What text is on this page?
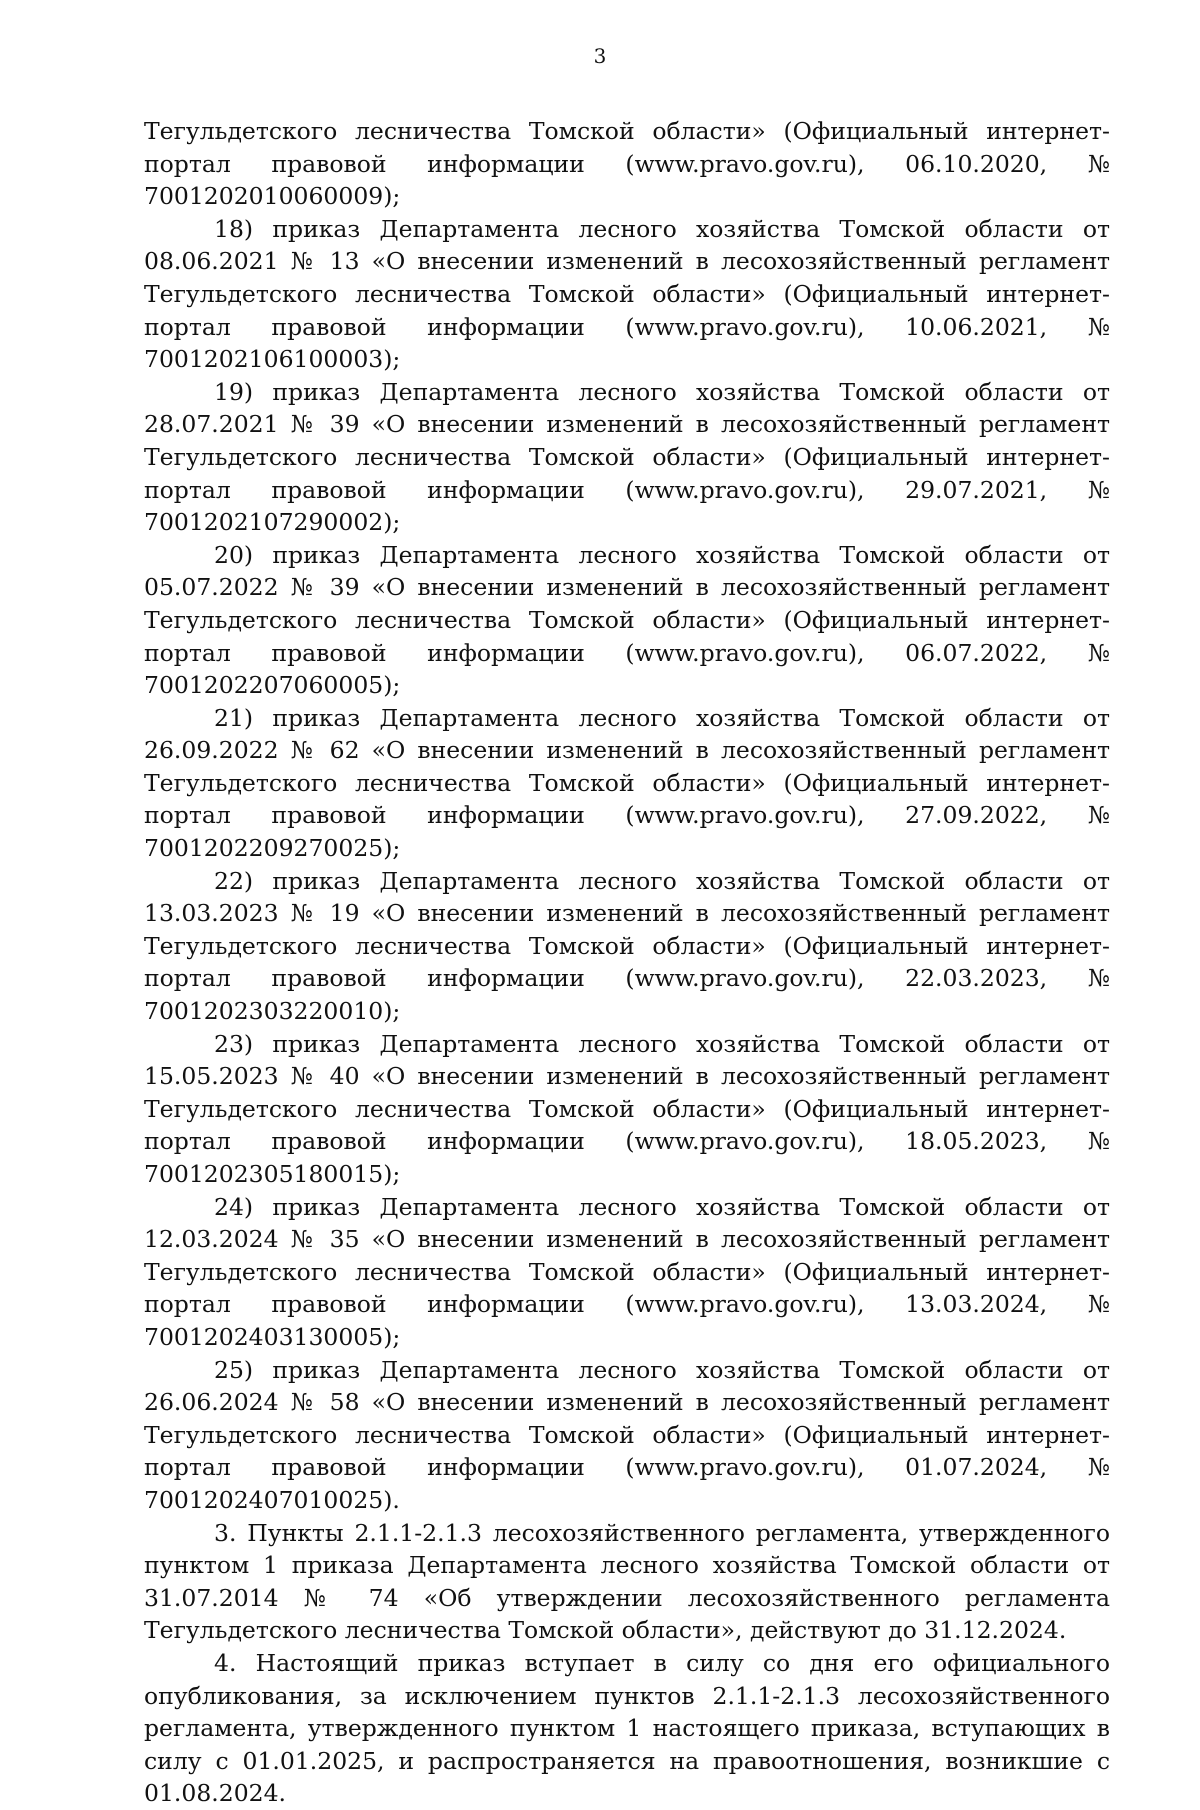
3

Тегульдетского лесничества Томской области» (Официальный интернет-портал правовой информации (www.pravo.gov.ru), 06.10.2020, № 7001202010060009);

18) приказ Департамента лесного хозяйства Томской области от 08.06.2021 № 13 «О внесении изменений в лесохозяйственный регламент Тегульдетского лесничества Томской области» (Официальный интернет-портал правовой информации (www.pravo.gov.ru), 10.06.2021, № 7001202106100003);

19) приказ Департамента лесного хозяйства Томской области от 28.07.2021 № 39 «О внесении изменений в лесохозяйственный регламент Тегульдетского лесничества Томской области» (Официальный интернет-портал правовой информации (www.pravo.gov.ru), 29.07.2021, № 7001202107290002);

20) приказ Департамента лесного хозяйства Томской области от 05.07.2022 № 39 «О внесении изменений в лесохозяйственный регламент Тегульдетского лесничества Томской области» (Официальный интернет-портал правовой информации (www.pravo.gov.ru), 06.07.2022, № 7001202207060005);

21) приказ Департамента лесного хозяйства Томской области от 26.09.2022 № 62 «О внесении изменений в лесохозяйственный регламент Тегульдетского лесничества Томской области» (Официальный интернет-портал правовой информации (www.pravo.gov.ru), 27.09.2022, № 7001202209270025);

22) приказ Департамента лесного хозяйства Томской области от 13.03.2023 № 19 «О внесении изменений в лесохозяйственный регламент Тегульдетского лесничества Томской области» (Официальный интернет-портал правовой информации (www.pravo.gov.ru), 22.03.2023, № 7001202303220010);

23) приказ Департамента лесного хозяйства Томской области от 15.05.2023 № 40 «О внесении изменений в лесохозяйственный регламент Тегульдетского лесничества Томской области» (Официальный интернет-портал правовой информации (www.pravo.gov.ru), 18.05.2023, № 7001202305180015);

24) приказ Департамента лесного хозяйства Томской области от 12.03.2024 № 35 «О внесении изменений в лесохозяйственный регламент Тегульдетского лесничества Томской области» (Официальный интернет-портал правовой информации (www.pravo.gov.ru), 13.03.2024, № 7001202403130005);

25) приказ Департамента лесного хозяйства Томской области от 26.06.2024 № 58 «О внесении изменений в лесохозяйственный регламент Тегульдетского лесничества Томской области» (Официальный интернет-портал правовой информации (www.pravo.gov.ru), 01.07.2024, № 7001202407010025).

3. Пункты 2.1.1-2.1.3 лесохозяйственного регламента, утвержденного пунктом 1 приказа Департамента лесного хозяйства Томской области от 31.07.2014 № 74 «Об утверждении лесохозяйственного регламента Тегульдетского лесничества Томской области», действуют до 31.12.2024.

4. Настоящий приказ вступает в силу со дня его официального опубликования, за исключением пунктов 2.1.1-2.1.3 лесохозяйственного регламента, утвержденного пунктом 1 настоящего приказа, вступающих в силу с 01.01.2025, и распространяется на правоотношения, возникшие с 01.08.2024.
